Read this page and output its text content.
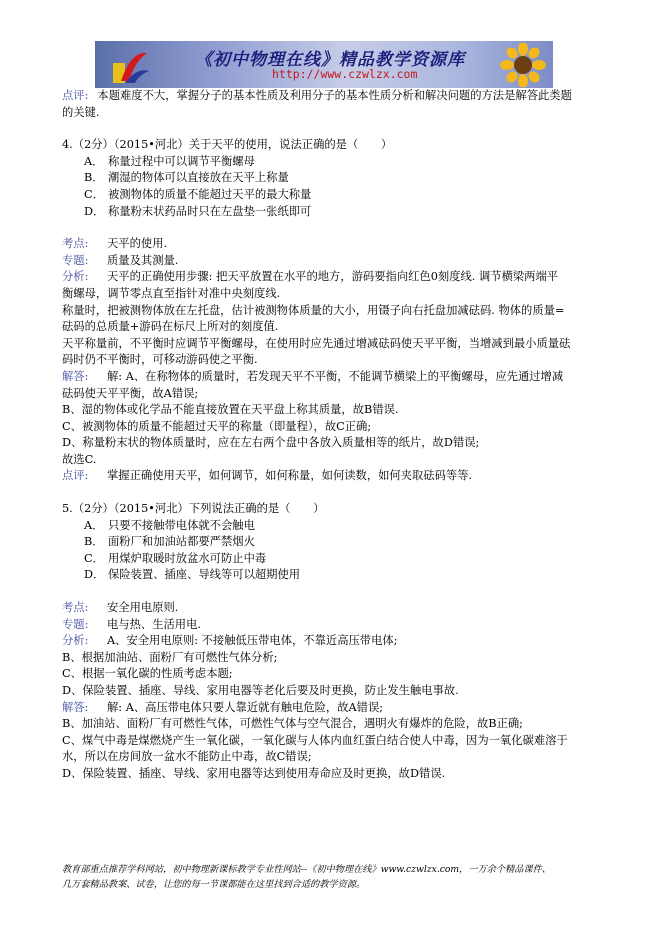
《初中物理在线》精品教学资源库
http://www.czwlzx.com
点评: 本题难度不大，掌握分子的基本性质及利用分子的基本性质分析和解决问题的方法是解答此类题
的关键.
4.（2分）（2015•河北）关于天平的使用，说法正确的是（　　）
A． 称量过程中可以调节平衡螺母
B． 潮湿的物体可以直接放在天平上称量
C． 被测物体的质量不能超过天平的最大称量
D． 称量粉末状药品时只在左盘垫一张纸即可
考点: 天平的使用.
专题: 质量及其测量.
分析: 天平的正确使用步骤: 把天平放置在水平的地方，游码要指向红色0刻度线. 调节横梁两端平
衡螺母，调节零点直至指针对准中央刻度线.
称量时，把被测物体放在左托盘，估计被测物体质量的大小，用镊子向右托盘加减砝码. 物体的质量=
砝码的总质量+游码在标尺上所对的刻度值.
天平称量前，不平衡时应调节平衡螺母，在使用时应先通过增减砝码使天平平衡，当增减到最小质量砝
码时仍不平衡时，可移动游码使之平衡.
解答: 解: A、在称物体的质量时，若发现天平不平衡，不能调节横梁上的平衡螺母，应先通过增减
砝码使天平平衡，故A错误;
B、湿的物体或化学品不能直接放置在天平盘上称其质量，故B错误.
C、被测物体的质量不能超过天平的称量（即量程），故C正确;
D、称量粉末状的物体质量时，应在左右两个盘中各放入质量相等的纸片，故D错误;
故选C.
点评: 掌握正确使用天平，如何调节，如何称量，如何读数，如何夹取砝码等等.
5.（2分）（2015•河北）下列说法正确的是（　　）
A． 只要不接触带电体就不会触电
B． 面粉厂和加油站都要严禁烟火
C． 用煤炉取暖时放盆水可防止中毒
D． 保险装置、插座、导线等可以超期使用
考点: 安全用电原则.
专题: 电与热、生活用电.
分析: A、安全用电原则: 不接触低压带电体，不靠近高压带电体;
B、根据加油站、面粉厂有可燃性气体分析;
C、根据一氧化碳的性质考虑本题;
D、保险装置、插座、导线、家用电器等老化后要及时更换，防止发生触电事故.
解答: 解: A、高压带电体只要人靠近就有触电危险，故A错误;
B、加油站、面粉厂有可燃性气体，可燃性气体与空气混合，遇明火有爆炸的危险，故B正确;
C、煤气中毒是煤燃烧产生一氧化碳，一氧化碳与人体内血红蛋白结合使人中毒，因为一氧化碳难溶于
水，所以在房间放一盆水不能防止中毒，故C错误;
D、保险装置、插座、导线、家用电器等达到使用寿命应及时更换，故D错误.
教育部重点推荐学科网站，初中物理新课标教学专业性网站--《初中物理在线》www.czwlzx.com，一万余个精品课件、
几万套精品教案、试卷，让您的每一节课都能在这里找到合适的教学资源。
